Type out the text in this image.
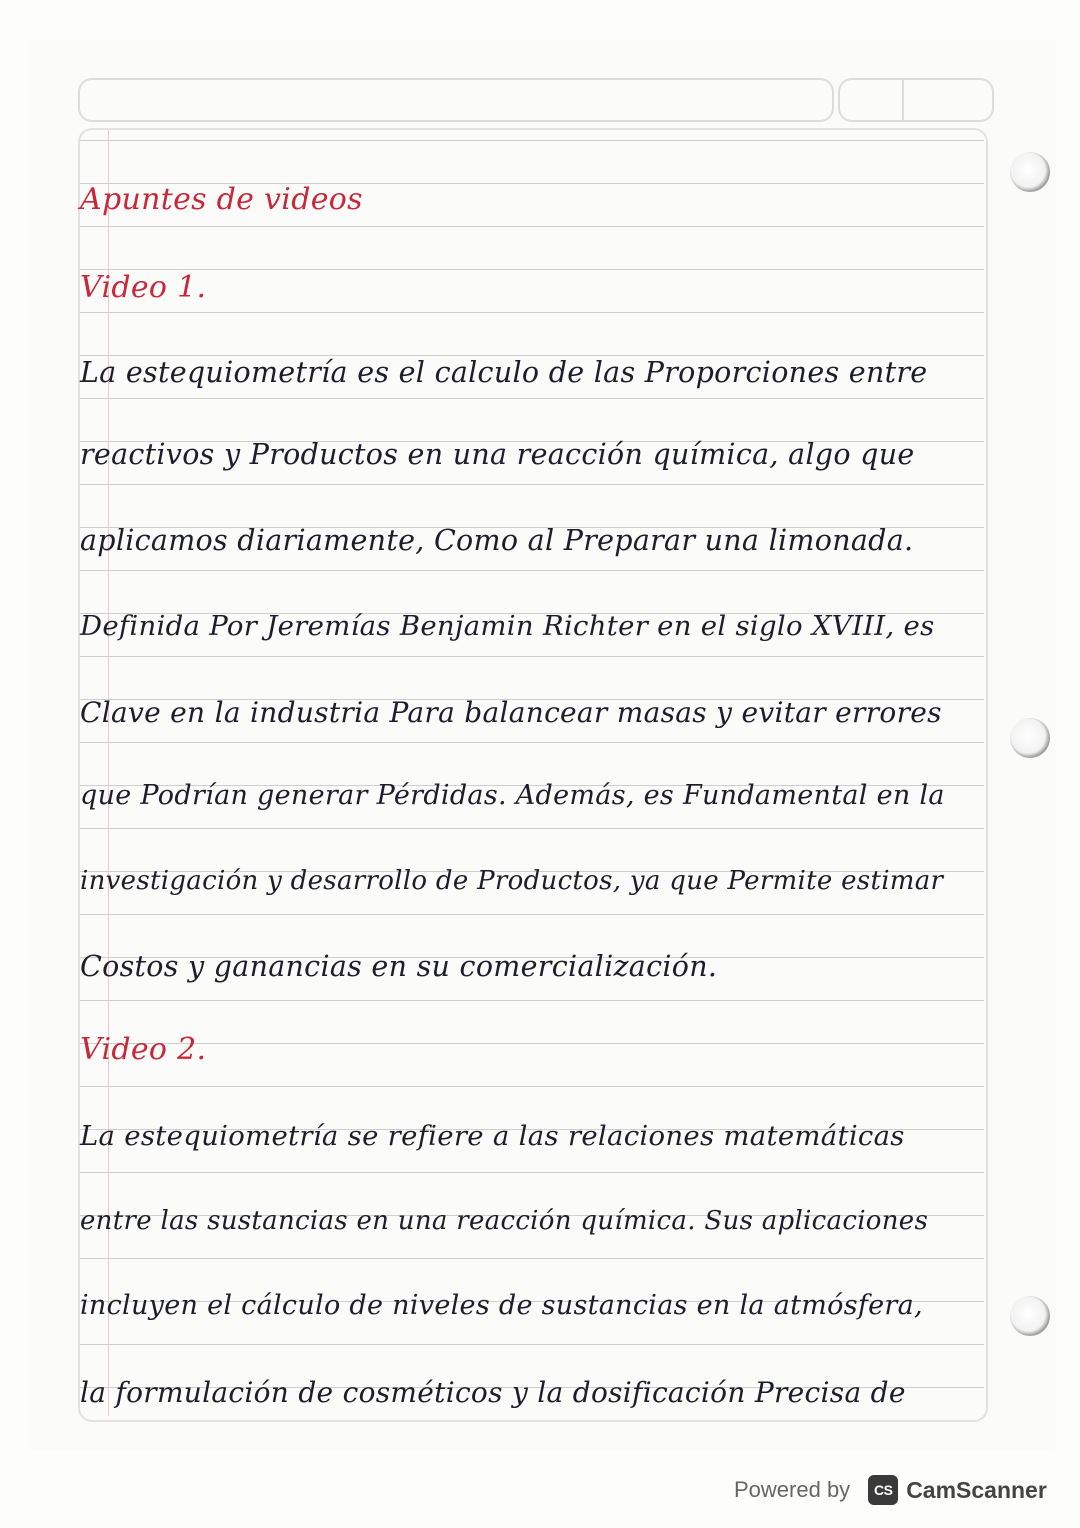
Apuntes de videos
Video 1.
La estequiometría es el calculo de las Proporciones entre
reactivos y Productos en una reacción química, algo que
aplicamos diariamente, Como al Preparar una limonada.
Definida Por Jeremías Benjamin Richter en el siglo XVIII, es
Clave en la industria Para balancear masas y evitar errores
que Podrían generar Pérdidas. Además, es Fundamental en la
investigación y desarrollo de Productos, ya que Permite estimar
Costos y ganancias en su comercialización.
Video 2.
La estequiometría se refiere a las relaciones matemáticas
entre las sustancias en una reacción química. Sus aplicaciones
incluyen el cálculo de niveles de sustancias en la atmósfera,
la formulación de cosméticos y la dosificación Precisa de
Powered by	CS CamScanner
